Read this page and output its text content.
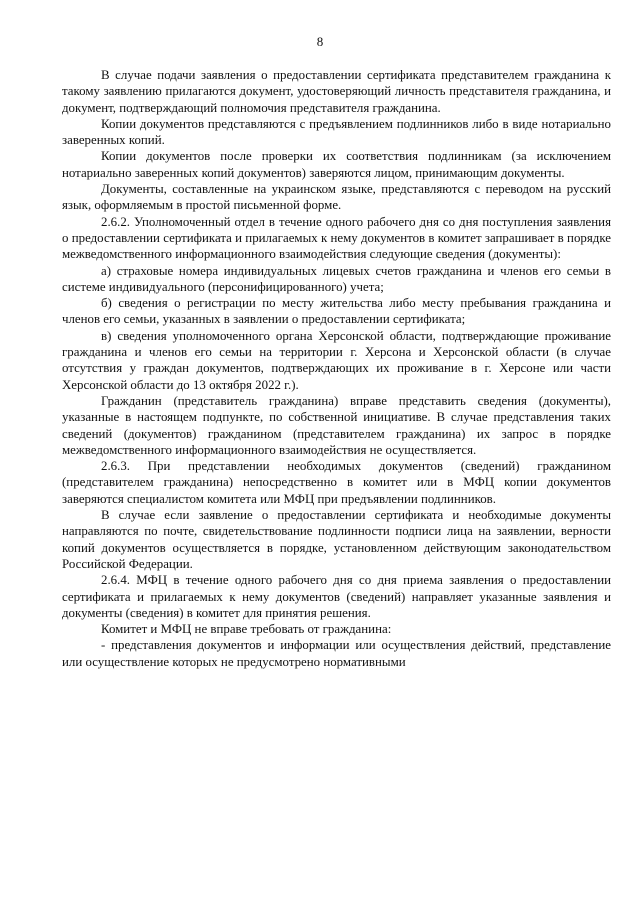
8

В случае подачи заявления о предоставлении сертификата представителем гражданина к такому заявлению прилагаются документ, удостоверяющий личность представителя гражданина, и документ, подтверждающий полномочия представителя гражданина.

Копии документов представляются с предъявлением подлинников либо в виде нотариально заверенных копий.

Копии документов после проверки их соответствия подлинникам (за исключением нотариально заверенных копий документов) заверяются лицом, принимающим документы.

Документы, составленные на украинском языке, представляются с переводом на русский язык, оформляемым в простой письменной форме.

2.6.2. Уполномоченный отдел в течение одного рабочего дня со дня поступления заявления о предоставлении сертификата и прилагаемых к нему документов в комитет запрашивает в порядке межведомственного информационного взаимодействия следующие сведения (документы):

а) страховые номера индивидуальных лицевых счетов гражданина и членов его семьи в системе индивидуального (персонифицированного) учета;

б) сведения о регистрации по месту жительства либо месту пребывания гражданина и членов его семьи, указанных в заявлении о предоставлении сертификата;

в) сведения уполномоченного органа Херсонской области, подтверждающие проживание гражданина и членов его семьи на территории г. Херсона и Херсонской области (в случае отсутствия у граждан документов, подтверждающих их проживание в г. Херсоне или части Херсонской области до 13 октября 2022 г.).

Гражданин (представитель гражданина) вправе представить сведения (документы), указанные в настоящем подпункте, по собственной инициативе. В случае представления таких сведений (документов) гражданином (представителем гражданина) их запрос в порядке межведомственного информационного взаимодействия не осуществляется.

2.6.3. При представлении необходимых документов (сведений) гражданином (представителем гражданина) непосредственно в комитет или в МФЦ копии документов заверяются специалистом комитета или МФЦ при предъявлении подлинников.

В случае если заявление о предоставлении сертификата и необходимые документы направляются по почте, свидетельствование подлинности подписи лица на заявлении, верности копий документов осуществляется в порядке, установленном действующим законодательством Российской Федерации.

2.6.4. МФЦ в течение одного рабочего дня со дня приема заявления о предоставлении сертификата и прилагаемых к нему документов (сведений) направляет указанные заявления и документы (сведения) в комитет для принятия решения.

Комитет и МФЦ не вправе требовать от гражданина:

- представления документов и информации или осуществления действий, представление или осуществление которых не предусмотрено нормативными
